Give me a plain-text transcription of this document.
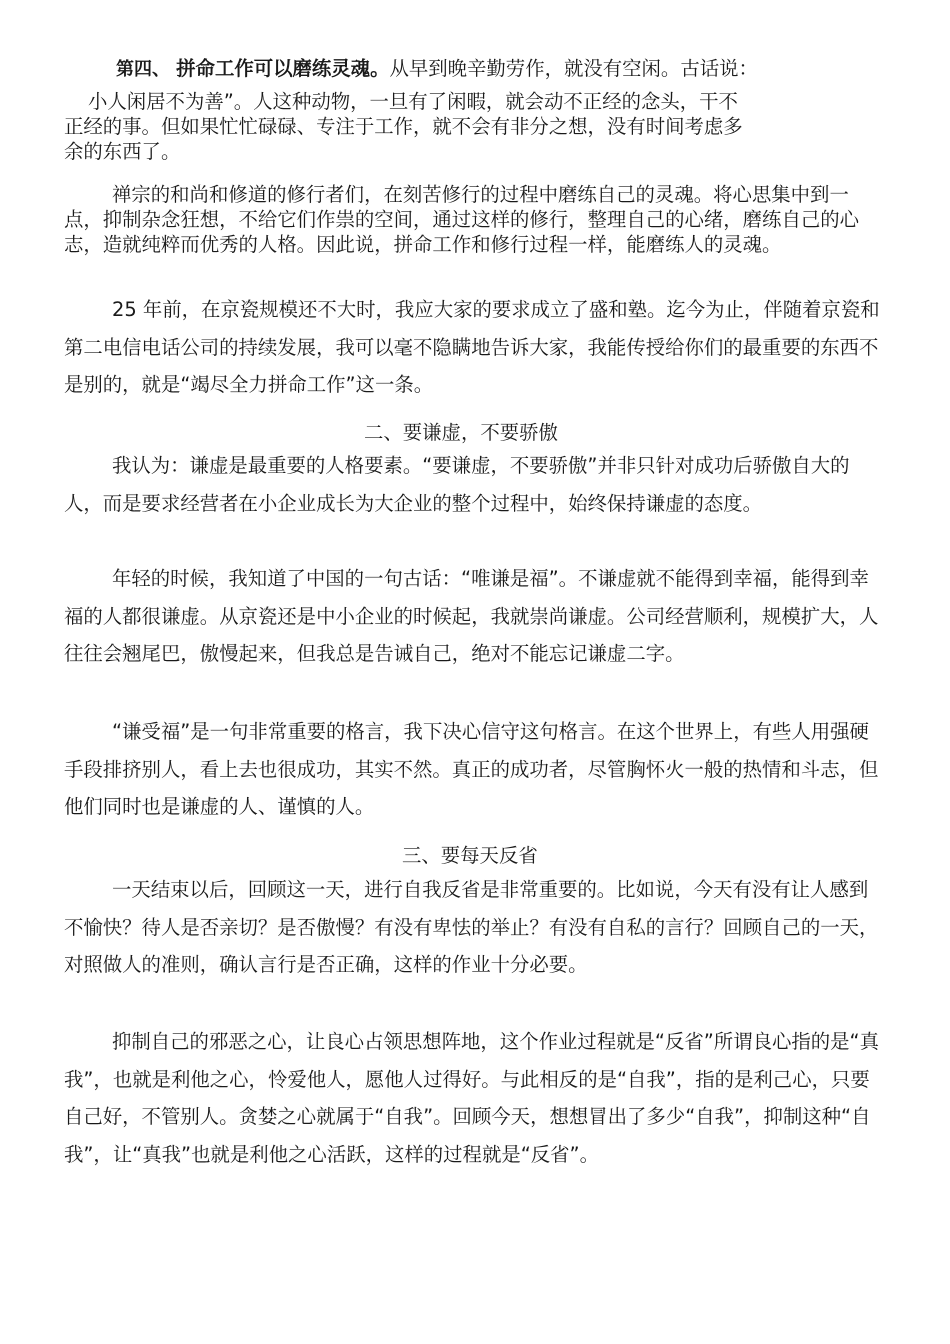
第四、 拼命工作可以磨练灵魂。从早到晚辛勤劳作，就没有空闲。古话说：
小人闲居不为善”。人这种动物，一旦有了闲暇，就会动不正经的念头，干不
正经的事。但如果忙忙碌碌、专注于工作，就不会有非分之想，没有时间考虑多
余的东西了。

禅宗的和尚和修道的修行者们，在刻苦修行的过程中磨练自己的灵魂。将心思集中到一点，抑制杂念狂想，不给它们作祟的空间，通过这样的修行，整理自己的心绪，磨练自己的心志，造就纯粹而优秀的人格。因此说，拼命工作和修行过程一样，能磨练人的灵魂。

25 年前，在京瓷规模还不大时，我应大家的要求成立了盛和塾。迄今为止，伴随着京瓷和第二电信电话公司的持续发展，我可以毫不隐瞒地告诉大家，我能传授给你们的最重要的东西不是别的，就是“竭尽全力拼命工作”这一条。

二、要谦虚，不要骄傲

我认为：谦虚是最重要的人格要素。“要谦虚，不要骄傲”并非只针对成功后骄傲自大的人，而是要求经营者在小企业成长为大企业的整个过程中，始终保持谦虚的态度。

年轻的时候，我知道了中国的一句古话：“唯谦是福”。不谦虚就不能得到幸福，能得到幸福的人都很谦虚。从京瓷还是中小企业的时候起，我就崇尚谦虚。公司经营顺利，规模扩大，人往往会翘尾巴，傲慢起来，但我总是告诫自己，绝对不能忘记谦虚二字。

“谦受福”是一句非常重要的格言，我下决心信守这句格言。在这个世界上，有些人用强硬手段排挤别人，看上去也很成功，其实不然。真正的成功者，尽管胸怀火一般的热情和斗志，但他们同时也是谦虚的人、谨慎的人。

三、要每天反省

一天结束以后，回顾这一天，进行自我反省是非常重要的。比如说，今天有没有让人感到不愉快？待人是否亲切？是否傲慢？有没有卑怯的举止？有没有自私的言行？回顾自己的一天，对照做人的准则，确认言行是否正确，这样的作业十分必要。

抑制自己的邪恶之心，让良心占领思想阵地，这个作业过程就是“反省”所谓良心指的是“真我”，也就是利他之心，怜爱他人，愿他人过得好。与此相反的是“自我”，指的是利己心，只要自己好，不管别人。贪婪之心就属于“自我”。回顾今天，想想冒出了多少“自我”，抑制这种“自我”，让“真我”也就是利他之心活跃，这样的过程就是“反省”。
